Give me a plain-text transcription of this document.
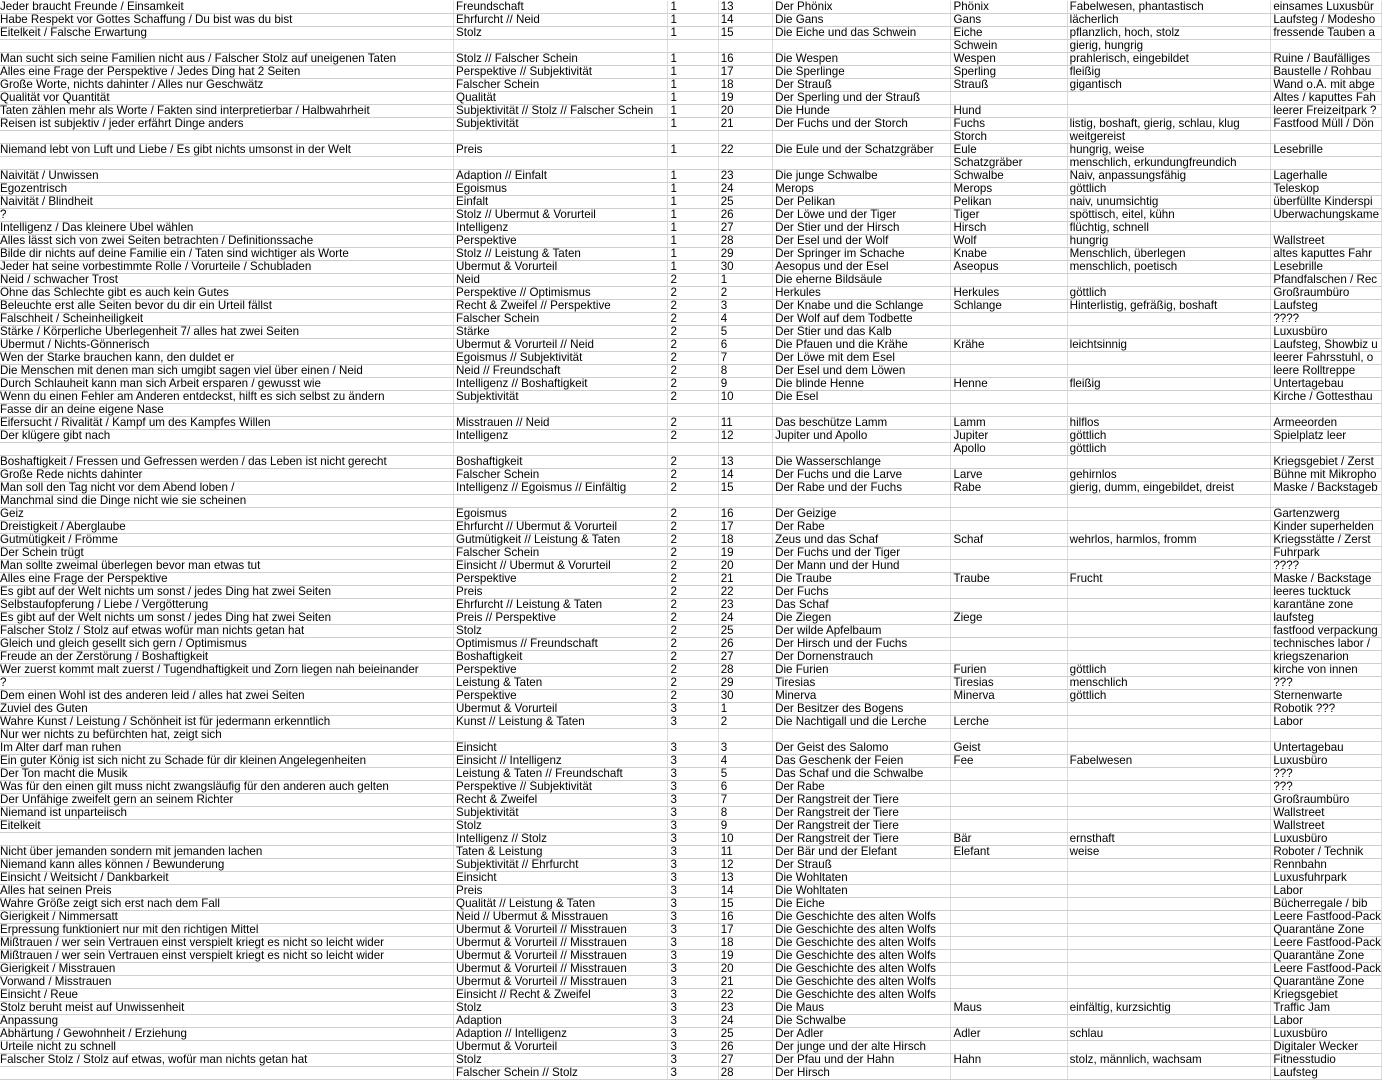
Jeder braucht Freunde / Einsamkeit	Freundschaft	1	13	Der Phönix	Phönix	Fabelwesen, phantastisch	einsames Luxusbür
Habe Respekt vor Gottes Schaffung / Du bist was du bist	Ehrfurcht // Neid	1	14	Die Gans	Gans	lächerlich	Laufsteg / Modesho
Eitelkeit / Falsche Erwartung	Stolz	1	15	Die Eiche und das Schwein	Eiche	pflanzlich, hoch, stolz	fressende Tauben a
					Schwein	gierig, hungrig	
Man sucht sich seine Familien nicht aus / Falscher Stolz auf uneigenen Taten	Stolz // Falscher Schein	1	16	Die Wespen	Wespen	prahlerisch, eingebildet	Ruine / Baufälliges
Alles eine Frage der Perspektive / Jedes Ding hat 2 Seiten	Perspektive // Subjektivität	1	17	Die Sperlinge	Sperling	fleißig	Baustelle / Rohbau
Große Worte, nichts dahinter / Alles nur Geschwätz	Falscher Schein	1	18	Der Strauß	Strauß	gigantisch	Wand o.Ä. mit abge
Qualität vor Quantität	Qualität	1	19	Der Sperling und der Strauß			Altes / kaputtes Fah
Taten zählen mehr als Worte / Fakten sind interpretierbar / Halbwahrheit	Subjektivität // Stolz // Falscher Schein	1	20	Die Hunde	Hund		leerer Freizeitpark ?
Reisen ist subjektiv / jeder erfährt Dinge anders	Subjektivität	1	21	Der Fuchs und der Storch	Fuchs	listig, boshaft, gierig, schlau, klug	Fastfood Müll / Dön
					Storch	weitgereist	
Niemand lebt von Luft und Liebe / Es gibt nichts umsonst in der Welt	Preis	1	22	Die Eule und der Schatzgräber	Eule	hungrig, weise	Lesebrille
					Schatzgräber	menschlich, erkundungfreundich	
Naivität / Unwissen	Adaption // Einfalt	1	23	Die junge Schwalbe	Schwalbe	Naiv, anpassungsfähig	Lagerhalle
Egozentrisch	Egoismus	1	24	Merops	Merops	göttlich	Teleskop
Naivität / Blindheit	Einfalt	1	25	Der Pelikan	Pelikan	naiv, unumsichtig	überfüllte Kinderspi
?	Stolz // Übermut & Vorurteil	1	26	Der Löwe und der Tiger	Tiger	spöttisch, eitel, kühn	Überwachungskame
Intelligenz / Das kleinere Übel wählen	Intelligenz	1	27	Der Stier und der Hirsch	Hirsch	flüchtig, schnell	
Alles lässt sich von zwei Seiten betrachten / Definitionssache	Perspektive	1	28	Der Esel und der Wolf	Wolf	hungrig	Wallstreet
Bilde dir nichts auf deine Familie ein / Taten sind wichtiger als Worte	Stolz // Leistung & Taten	1	29	Der Springer im Schache	Knabe	Menschlich, überlegen	altes kaputtes Fahr
Jeder hat seine vorbestimmte Rolle / Vorurteile / Schubladen	Übermut & Vorurteil	1	30	Aesopus und der Esel	Aseopus	menschlich, poetisch	Lesebrille
Neid / schwacher Trost	Neid	2	1	Die eherne Bildsäule			Pfandfalschen / Rec
Ohne das Schlechte gibt es auch kein Gutes	Perspektive // Optimismus	2	2	Herkules	Herkules	göttlich	Großraumbüro
Beleuchte erst alle Seiten bevor du dir ein Urteil fällst	Recht & Zweifel // Perspektive	2	3	Der Knabe und die Schlange	Schlange	Hinterlistig, gefräßig, boshaft	Laufsteg
Falschheit / Scheinheiligkeit	Falscher Schein	2	4	Der Wolf auf dem Todbette			????
Stärke / Körperliche Überlegenheit 7/ alles hat zwei Seiten	Stärke	2	5	Der Stier und das Kalb			Luxusbüro
Übermut / Nichts-Gönnerisch	Übermut & Vorurteil // Neid	2	6	Die Pfauen und die Krähe	Krähe	leichtsinnig	Laufsteg, Showbiz u
Wen der Starke brauchen kann, den duldet er	Egoismus // Subjektivität	2	7	Der Löwe mit dem Esel			leerer Fahrsstuhl, o
Die Menschen mit denen man sich umgibt sagen viel über einen / Neid	Neid // Freundschaft	2	8	Der Esel und dem Löwen			leere Rolltreppe
Durch Schlauheit kann man sich Arbeit ersparen / gewusst wie	Intelligenz // Boshaftigkeit	2	9	Die blinde Henne	Henne	fleißig	Untertagebau
Wenn du einen Fehler am Anderen entdeckst, hilft es sich selbst zu ändern	Subjektivität	2	10	Die Esel			Kirche / Gottesthau
Fasse dir an deine eigene Nase							
Eifersucht / Rivalität / Kampf um des Kampfes Willen	Misstrauen // Neid	2	11	Das beschütze Lamm	Lamm	hilflos	Armeeorden
Der klügere gibt nach	Intelligenz	2	12	Jupiter und Apollo	Jupiter	göttlich	Spielplatz leer
					Apollo	göttlich	
Boshaftigkeit / Fressen und Gefressen werden / das Leben ist nicht gerecht	Boshaftigkeit	2	13	Die Wasserschlange			Kriegsgebiet / Zerst
Große Rede nichts dahinter	Falscher Schein	2	14	Der Fuchs und die Larve	Larve	gehirnlos	Bühne mit Mikropho
Man soll den Tag nicht vor dem Abend loben /	Intelligenz // Egoismus // Einfältig	2	15	Der Rabe und der Fuchs	Rabe	gierig, dumm, eingebildet, dreist	Maske / Backstageb
Manchmal sind die Dinge nicht wie sie scheinen							
Geiz	Egoismus	2	16	Der Geizige			Gartenzwerg
Dreistigkeit / Aberglaube	Ehrfurcht // Übermut & Vorurteil	2	17	Der Rabe			Kinder superhelden
Gutmütigkeit / Frömme	Gutmütigkeit // Leistung & Taten	2	18	Zeus und das Schaf	Schaf	wehrlos, harmlos, fromm	Kriegsstätte / Zerst
Der Schein trügt	Falscher Schein	2	19	Der Fuchs und der Tiger			Fuhrpark
Man sollte zweimal überlegen bevor man etwas tut	Einsicht // Übermut & Vorurteil	2	20	Der Mann und der Hund			????
Alles eine Frage der Perspektive	Perspektive	2	21	Die Traube	Traube	Frucht	Maske / Backstage
Es gibt auf der Welt nichts um sonst / jedes Ding hat zwei Seiten	Preis	2	22	Der Fuchs			leeres tucktuck
Selbstaufopferung / Liebe / Vergötterung	Ehrfurcht // Leistung & Taten	2	23	Das Schaf			karantäne zone
Es gibt auf der Welt nichts um sonst / jedes Ding hat zwei Seiten	Preis // Perspektive	2	24	Die Ziegen	Ziege		laufsteg
Falscher Stolz / Stolz auf etwas wofür man nichts getan hat	Stolz	2	25	Der wilde Apfelbaum			fastfood verpackung
Gleich und gleich gesellt sich gern / Optimismus	Optimismus // Freundschaft	2	26	Der Hirsch und der Fuchs			technisches labor /
Freude an der Zerstörung / Boshaftigkeit	Boshaftigkeit	2	27	Der Dornenstrauch			kriegszenarion
Wer zuerst kommt malt zuerst / Tugendhaftigkeit und Zorn liegen nah beieinander	Perspektive	2	28	Die Furien	Furien	göttlich	kirche von innen
?	Leistung & Taten	2	29	Tiresias	Tiresias	menschlich	???
Dem einen Wohl ist des anderen leid / alles hat zwei Seiten	Perspektive	2	30	Minerva	Minerva	göttlich	Sternenwarte
Zuviel des Guten	Übermut & Vorurteil	3	1	Der Besitzer des Bogens			Robotik ???
Wahre Kunst / Leistung / Schönheit ist für jedermann erkenntlich	Kunst // Leistung & Taten	3	2	Die Nachtigall und die Lerche	Lerche		Labor
Nur wer nichts zu befürchten hat, zeigt sich							
Im Alter darf man ruhen	Einsicht	3	3	Der Geist des Salomo	Geist		Untertagebau
Ein guter König ist sich nicht zu Schade für dir kleinen Angelegenheiten	Einsicht // Intelligenz	3	4	Das Geschenk der Feien	Fee	Fabelwesen	Luxusbüro
Der Ton macht die Musik	Leistung & Taten // Freundschaft	3	5	Das Schaf und die Schwalbe			???
Was für den einen gilt muss nicht zwangsläufig für den anderen auch gelten	Perspektive // Subjektivität	3	6	Der Rabe			???
Der Unfähige zweifelt gern an seinem Richter	Recht & Zweifel	3	7	Der Rangstreit der Tiere			Großraumbüro
Niemand ist unparteiisch	Subjektivität	3	8	Der Rangstreit der Tiere			Wallstreet
Eitelkeit	Stolz	3	9	Der Rangstreit der Tiere			Wallstreet
	Intelligenz // Stolz	3	10	Der Rangstreit der Tiere	Bär	ernsthaft	Luxusbüro
Nicht über jemanden sondern mit jemanden lachen	Taten & Leistung	3	11	Der Bär und der Elefant	Elefant	weise	Roboter / Technik
Niemand kann alles können / Bewunderung	Subjektivität // Ehrfurcht	3	12	Der Strauß			Rennbahn
Einsicht / Weitsicht / Dankbarkeit	Einsicht	3	13	Die Wohltaten			Luxusfuhrpark
Alles hat seinen Preis	Preis	3	14	Die Wohltaten			Labor
Wahre Größe zeigt sich erst nach dem Fall	Qualität // Leistung & Taten	3	15	Die Eiche			Bücherregale / bib
Gierigkeit / Nimmersatt	Neid // Übermut & Misstrauen	3	16	Die Geschichte des alten Wolfs			Leere Fastfood-Pack
Erpressung funktioniert nur mit den richtigen Mittel	Übermut & Vorurteil // Misstrauen	3	17	Die Geschichte des alten Wolfs			Quarantäne Zone
Mißtrauen / wer sein Vertrauen einst verspielt kriegt es nicht so leicht wider	Übermut & Vorurteil // Misstrauen	3	18	Die Geschichte des alten Wolfs			Leere Fastfood-Pack
Mißtrauen / wer sein Vertrauen einst verspielt kriegt es nicht so leicht wider	Übermut & Vorurteil // Misstrauen	3	19	Die Geschichte des alten Wolfs			Quarantäne Zone
Gierigkeit / Misstrauen	Übermut & Vorurteil // Misstrauen	3	20	Die Geschichte des alten Wolfs			Leere Fastfood-Pack
Vorwand / Misstrauen	Übermut & Vorurteil // Misstrauen	3	21	Die Geschichte des alten Wolfs			Quarantäne Zone
Einsicht / Reue	Einsicht // Recht & Zweifel	3	22	Die Geschichte des alten Wolfs			Kriegsgebiet
Stolz beruht meist auf Unwissenheit	Stolz	3	23	Die Maus	Maus	einfältig, kurzsichtig	Traffic Jam
Anpassung	Adaption	3	24	Die Schwalbe			Labor
Abhärtung / Gewohnheit / Erziehung	Adaption // Intelligenz	3	25	Der Adler	Adler	schlau	Luxusbüro
Urteile nicht zu schnell	Übermut & Vorurteil	3	26	Der junge und der alte Hirsch			Digitaler Wecker
Falscher Stolz / Stolz auf etwas, wofür man nichts getan hat	Stolz	3	27	Der Pfau und der Hahn	Hahn	stolz, männlich, wachsam	Fitnesstudio
	Falscher Schein // Stolz	3	28	Der Hirsch			Laufsteg
